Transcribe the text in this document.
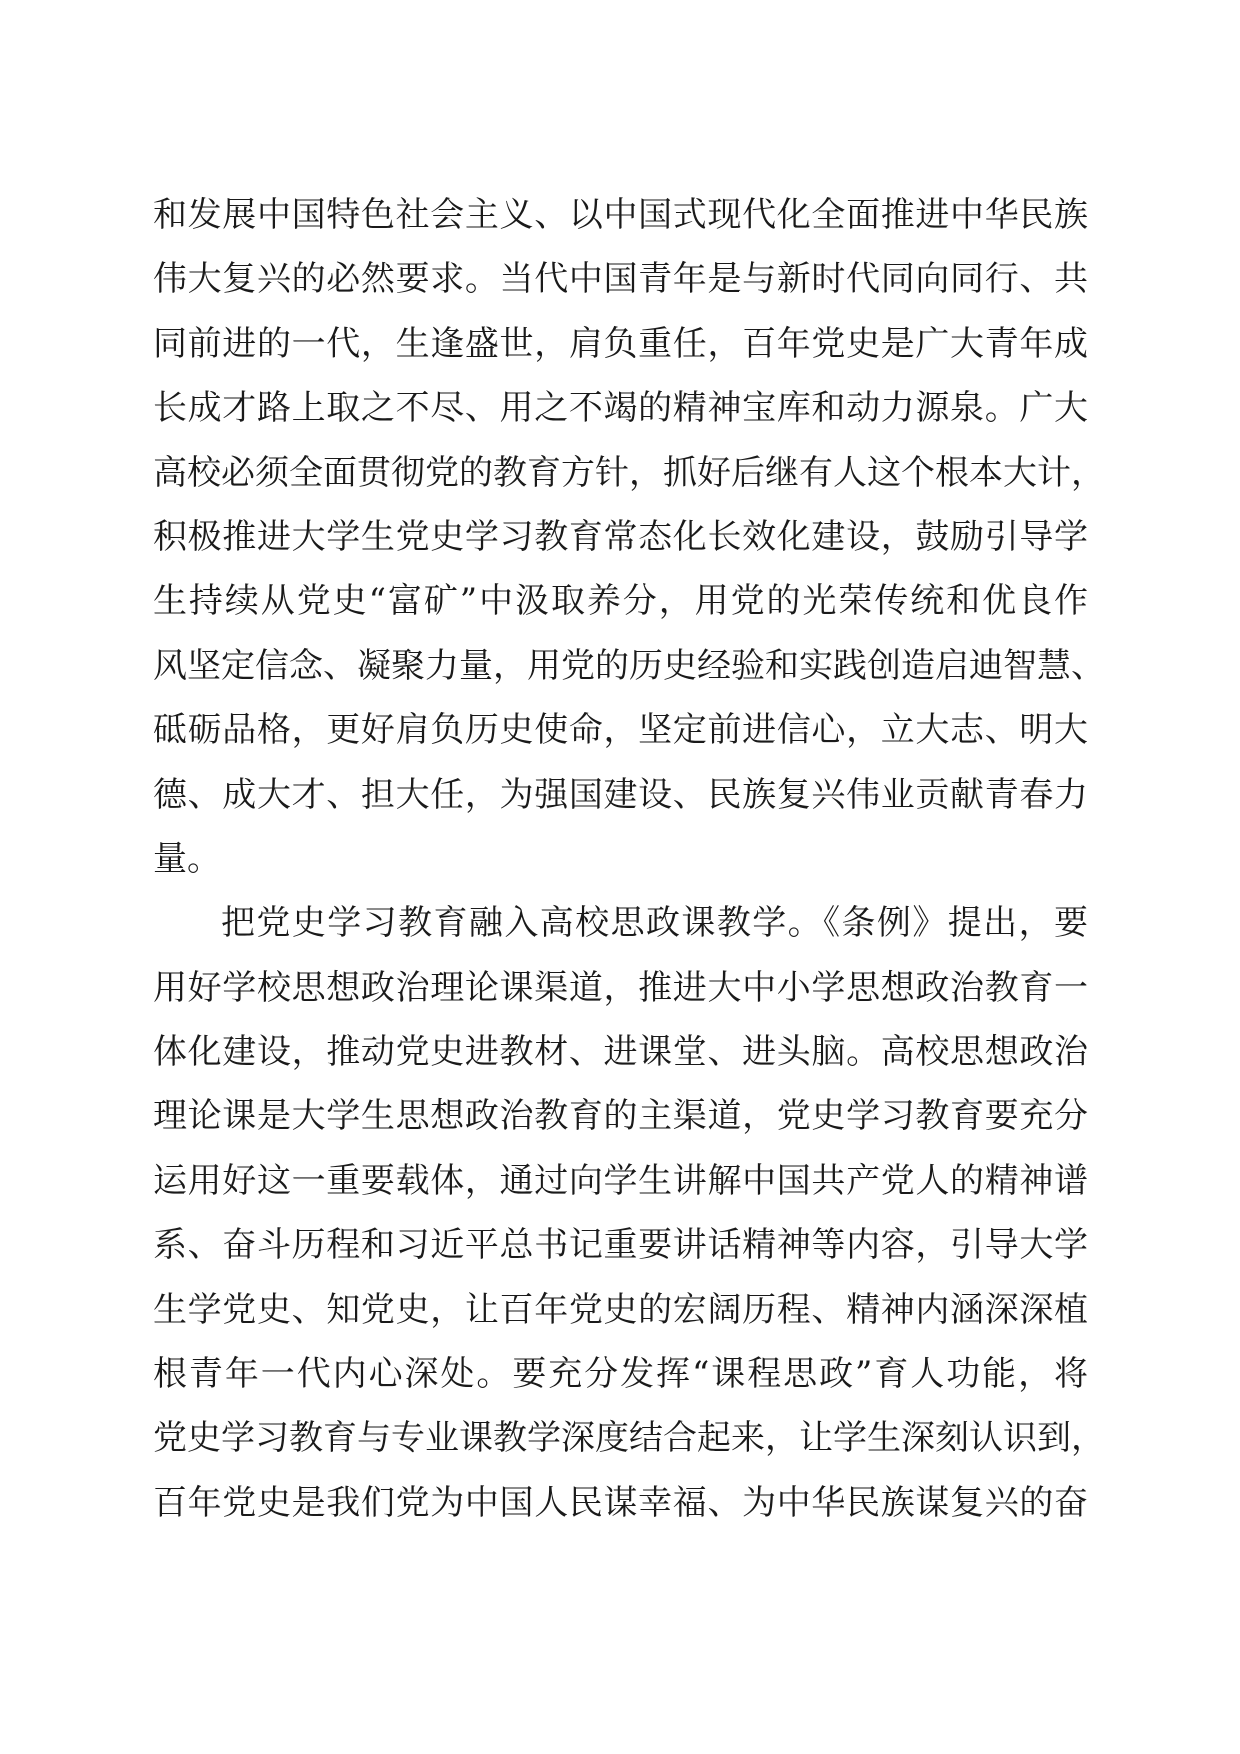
和发展中国特色社会主义、以中国式现代化全面推进中华民族
伟大复兴的必然要求。当代中国青年是与新时代同向同行、共
同前进的一代，生逢盛世，肩负重任，百年党史是广大青年成
长成才路上取之不尽、用之不竭的精神宝库和动力源泉。广大
高校必须全面贯彻党的教育方针，抓好后继有人这个根本大计，
积极推进大学生党史学习教育常态化长效化建设，鼓励引导学
生持续从党史“富矿”中汲取养分，用党的光荣传统和优良作
风坚定信念、凝聚力量，用党的历史经验和实践创造启迪智慧、
砥砺品格，更好肩负历史使命，坚定前进信心，立大志、明大
德、成大才、担大任，为强国建设、民族复兴伟业贡献青春力
量。
把党史学习教育融入高校思政课教学。《条例》提出，要
用好学校思想政治理论课渠道，推进大中小学思想政治教育一
体化建设，推动党史进教材、进课堂、进头脑。高校思想政治
理论课是大学生思想政治教育的主渠道，党史学习教育要充分
运用好这一重要载体，通过向学生讲解中国共产党人的精神谱
系、奋斗历程和习近平总书记重要讲话精神等内容，引导大学
生学党史、知党史，让百年党史的宏阔历程、精神内涵深深植
根青年一代内心深处。要充分发挥“课程思政”育人功能，将
党史学习教育与专业课教学深度结合起来，让学生深刻认识到，
百年党史是我们党为中国人民谋幸福、为中华民族谋复兴的奋
